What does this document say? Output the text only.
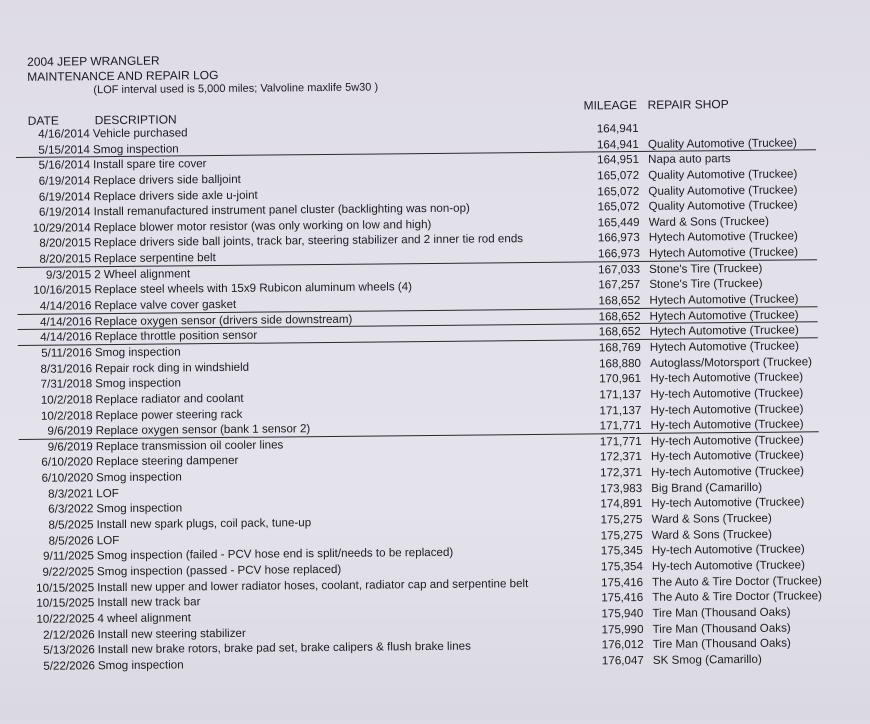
2004 JEEP WRANGLER
MAINTENANCE AND REPAIR LOG
(LOF interval used is 5,000 miles; Valvoline maxlife 5w30 )
DATE	DESCRIPTION
MILEAGE REPAIR SHOP
4/16/2014 Vehicle purchased	164,941
5/15/2014 Smog inspection	164,941 Quality Automotive (Truckee)
5/16/2014 Install spare tire cover	164,951 Napa auto parts
6/19/2014 Replace drivers side balljoint	165,072 Quality Automotive (Truckee)
6/19/2014 Replace drivers side axle u-joint	165,072 Quality Automotive (Truckee)
6/19/2014 Install remanufactured instrument panel cluster (backlighting was non-op)	165,072 Quality Automotive (Truckee)
10/29/2014 Replace blower motor resistor (was only working on low and high)	165,449 Ward & Sons (Truckee)
8/20/2015 Replace drivers side ball joints, track bar, steering stabilizer and 2 inner tie rod ends	166,973 Hytech Automotive (Truckee)
8/20/2015 Replace serpentine belt	166,973 Hytech Automotive (Truckee)
9/3/2015 2 Wheel alignment	167,033 Stone's Tire (Truckee)
10/16/2015 Replace steel wheels with 15x9 Rubicon aluminum wheels (4)	167,257 Stone's Tire (Truckee)
4/14/2016 Replace valve cover gasket	168,652 Hytech Automotive (Truckee)
4/14/2016 Replace oxygen sensor (drivers side downstream)	168,652 Hytech Automotive (Truckee)
4/14/2016 Replace throttle position sensor	168,652 Hytech Automotive (Truckee)
5/11/2016 Smog inspection	168,769 Hytech Automotive (Truckee)
8/31/2016 Repair rock ding in windshield	168,880 Autoglass/Motorsport (Truckee)
7/31/2018 Smog inspection	170,961 Hy-tech Automotive (Truckee)
10/2/2018 Replace radiator and coolant	171,137 Hy-tech Automotive (Truckee)
10/2/2018 Replace power steering rack	171,137 Hy-tech Automotive (Truckee)
9/6/2019 Replace oxygen sensor (bank 1 sensor 2)	171,771 Hy-tech Automotive (Truckee)
9/6/2019 Replace transmission oil cooler lines	171,771 Hy-tech Automotive (Truckee)
6/10/2020 Replace steering dampener	172,371 Hy-tech Automotive (Truckee)
6/10/2020 Smog inspection	172,371 Hy-tech Automotive (Truckee)
8/3/2021 LOF	173,983 Big Brand (Camarillo)
6/3/2022 Smog inspection	174,891 Hy-tech Automotive (Truckee)
8/5/2025 Install new spark plugs, coil pack, tune-up	175,275 Ward & Sons (Truckee)
8/5/2026 LOF	175,275 Ward & Sons (Truckee)
9/11/2025 Smog inspection (failed - PCV hose end is split/needs to be replaced)	175,345 Hy-tech Automotive (Truckee)
9/22/2025 Smog inspection (passed - PCV hose replaced)	175,354 Hy-tech Automotive (Truckee)
10/15/2025 Install new upper and lower radiator hoses, coolant, radiator cap and serpentine belt	175,416 The Auto & Tire Doctor (Truckee)
10/15/2025 Install new track bar	175,416 The Auto & Tire Doctor (Truckee)
10/22/2025 4 wheel alignment	175,940 Tire Man (Thousand Oaks)
2/12/2026 Install new steering stabilizer	175,990 Tire Man (Thousand Oaks)
5/13/2026 Install new brake rotors, brake pad set, brake calipers & flush brake lines	176,012 Tire Man (Thousand Oaks)
5/22/2026 Smog inspection	176,047 SK Smog (Camarillo)
